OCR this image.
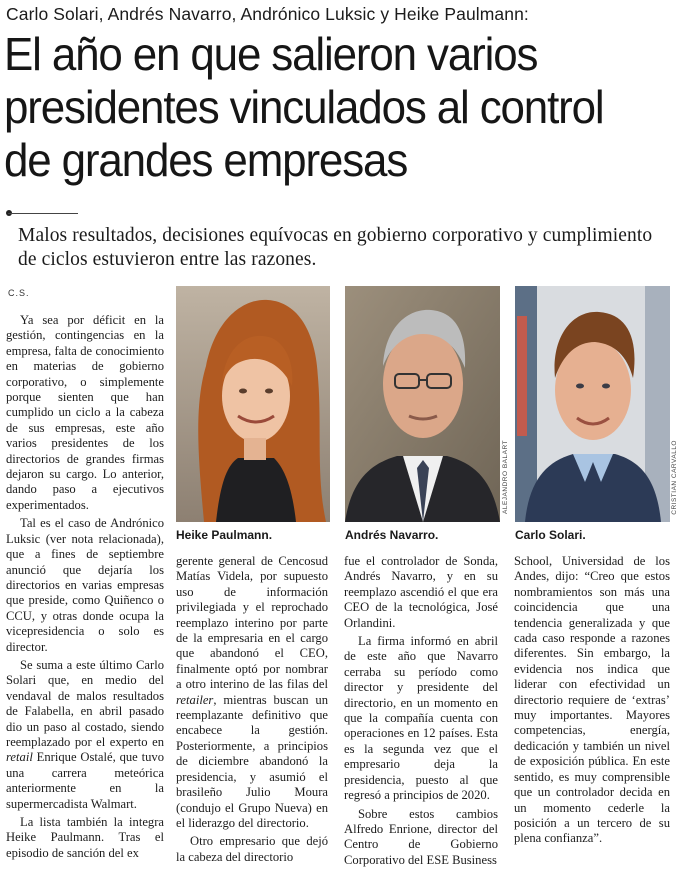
Carlo Solari, Andrés Navarro, Andrónico Luksic y Heike Paulmann:
El año en que salieron varios presidentes vinculados al control de grandes empresas

Malos resultados, decisiones equívocas en gobierno corporativo y cumplimiento de ciclos estuvieron entre las razones.

C.S.

Ya sea por déficit en la gestión, contingencias en la empresa, falta de conocimiento en materias de gobierno corporativo, o simplemente porque sienten que han cumplido un ciclo a la cabeza de sus empresas, este año varios presidentes de los directorios de grandes firmas dejaron su cargo. Lo anterior, dando paso a ejecutivos experimentados.

Tal es el caso de Andrónico Luksic (ver nota relacionada), que a fines de septiembre anunció que dejaría los directorios en varias empresas que preside, como Quiñenco o CCU, y otras donde ocupa la vicepresidencia o solo es director.

Se suma a este último Carlo Solari que, en medio del vendaval de malos resultados de Falabella, en abril pasado dio un paso al costado, siendo reemplazado por el experto en retail Enrique Ostalé, que tuvo una carrera meteórica anteriormente en la supermercadista Walmart.

La lista también la integra Heike Paulmann. Tras el episodio de sanción del ex

ALEJANDRO BALART	CRISTIAN CARVALLO
Heike Paulmann.	Andrés Navarro.	Carlo Solari.

gerente general de Cencosud Matías Videla, por supuesto uso de información privilegiada y el reprochado reemplazo interino por parte de la empresaria en el cargo que abandonó el CEO, finalmente optó por nombrar a otro interino de las filas del retailer, mientras buscan un reemplazante definitivo que encabece la gestión. Posteriormente, a principios de diciembre abandonó la presidencia, y asumió el brasileño Julio Moura (condujo el Grupo Nueva) en el liderazgo del directorio.

Otro empresario que dejó la cabeza del directorio

fue el controlador de Sonda, Andrés Navarro, y en su reemplazo ascendió el que era CEO de la tecnológica, José Orlandini.

La firma informó en abril de este año que Navarro cerraba su período como director y presidente del directorio, en un momento en que la compañía cuenta con operaciones en 12 países. Esta es la segunda vez que el empresario deja la presidencia, puesto al que regresó a principios de 2020.

Sobre estos cambios Alfredo Enrione, director del Centro de Gobierno Corporativo del ESE Business

School, Universidad de los Andes, dijo: “Creo que estos nombramientos son más una coincidencia que una tendencia generalizada y que cada caso responde a razones diferentes. Sin embargo, la evidencia nos indica que liderar con efectividad un directorio requiere de ‘extras’ muy importantes. Mayores competencias, energía, dedicación y también un nivel de exposición pública. En este sentido, es muy comprensible que un controlador decida en un momento cederle la posición a un tercero de su plena confianza”.
